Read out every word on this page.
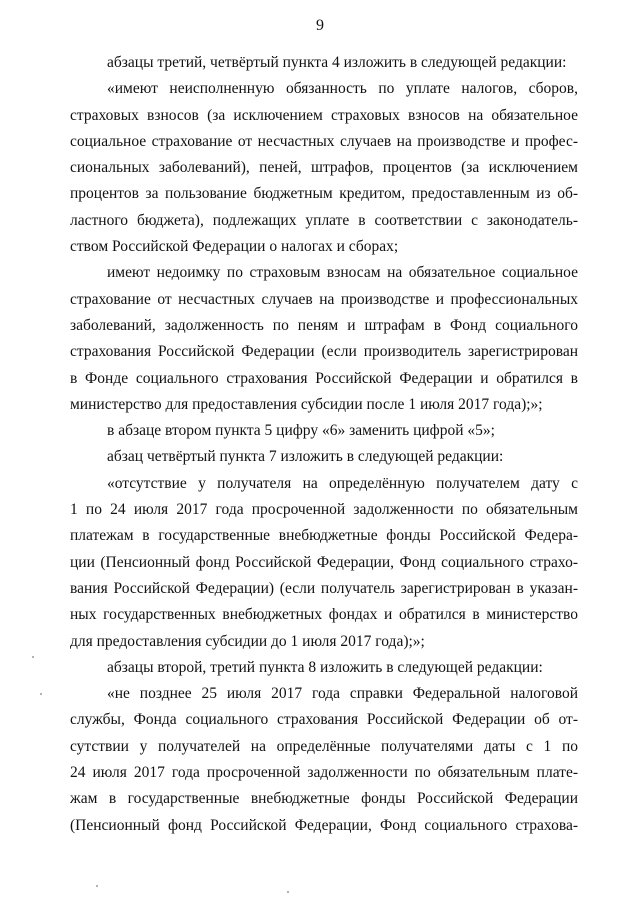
9
абзацы третий, четвёртый пункта 4 изложить в следующей редакции:
«имеют неисполненную обязанность по уплате налогов, сборов,
страховых взносов (за исключением страховых взносов на обязательное
социальное страхование от несчастных случаев на производстве и профес-
сиональных заболеваний), пеней, штрафов, процентов (за исключением
процентов за пользование бюджетным кредитом, предоставленным из об-
ластного бюджета), подлежащих уплате в соответствии с законодатель-
ством Российской Федерации о налогах и сборах;
имеют недоимку по страховым взносам на обязательное социальное
страхование от несчастных случаев на производстве и профессиональных
заболеваний, задолженность по пеням и штрафам в Фонд социального
страхования Российской Федерации (если производитель зарегистрирован
в Фонде социального страхования Российской Федерации и обратился в
министерство для предоставления субсидии после 1 июля 2017 года);»;
в абзаце втором пункта 5 цифру «6» заменить цифрой «5»;
абзац четвёртый пункта 7 изложить в следующей редакции:
«отсутствие у получателя на определённую получателем дату с
1 по 24 июля 2017 года просроченной задолженности по обязательным
платежам в государственные внебюджетные фонды Российской Федера-
ции (Пенсионный фонд Российской Федерации, Фонд социального страхо-
вания Российской Федерации) (если получатель зарегистрирован в указан-
ных государственных внебюджетных фондах и обратился в министерство
для предоставления субсидии до 1 июля 2017 года);»;
абзацы второй, третий пункта 8 изложить в следующей редакции:
«не позднее 25 июля 2017 года справки Федеральной налоговой
службы, Фонда социального страхования Российской Федерации об от-
сутствии у получателей на определённые получателями даты с 1 по
24 июля 2017 года просроченной задолженности по обязательным плате-
жам в государственные внебюджетные фонды Российской Федерации
(Пенсионный фонд Российской Федерации, Фонд социального страхова-
